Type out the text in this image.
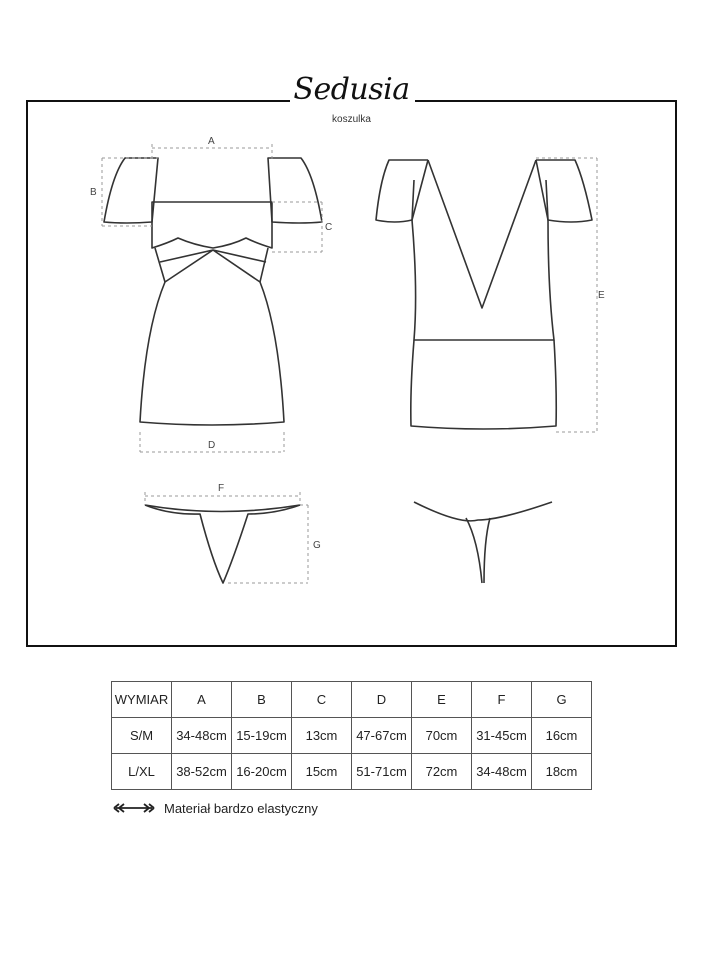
Sedusia
koszulka
A
B
C
D
E
F
G
WYMIAR	A	B	C	D	E	F	G
S/M	34-48cm	15-19cm	13cm	47-67cm	70cm	31-45cm	16cm
L/XL	38-52cm	16-20cm	15cm	51-71cm	72cm	34-48cm	18cm
Materiał bardzo elastyczny
